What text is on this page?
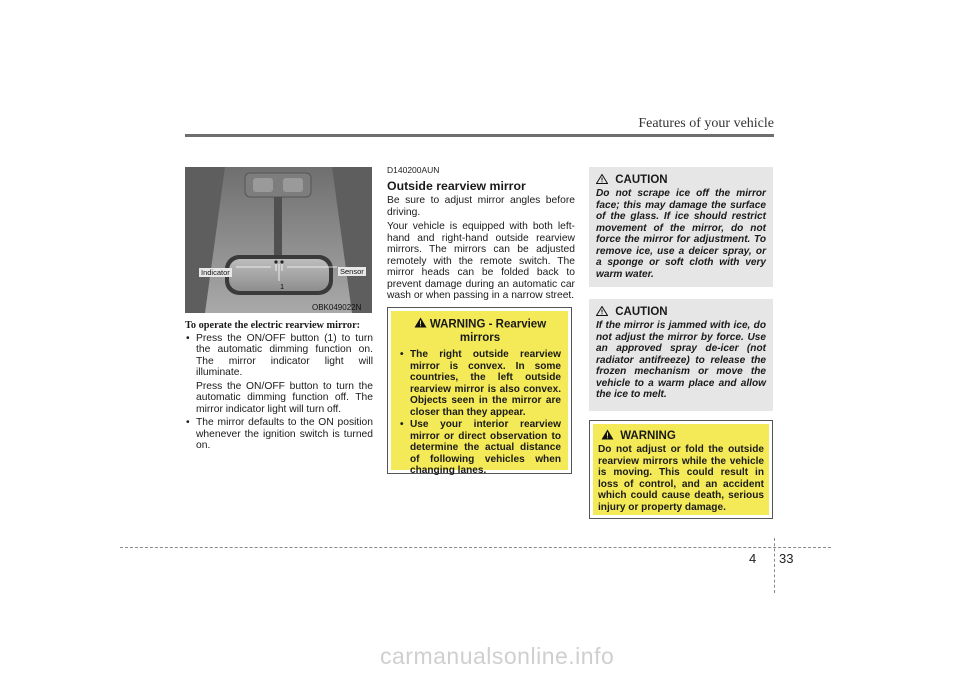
Features of your vehicle
Indicator	Sensor
1
OBK049022N
To operate the electric rearview mirror:
• Press the ON/OFF button (1) to turn the automatic dimming function on. The mirror indicator light will illuminate.
Press the ON/OFF button to turn the automatic dimming function off. The mirror indicator light will turn off.
• The mirror defaults to the ON position whenever the ignition switch is turned on.
D140200AUN
Outside rearview mirror

Be sure to adjust mirror angles before driving.

Your vehicle is equipped with both left-hand and right-hand outside rearview mirrors. The mirrors can be adjusted remotely with the remote switch. The mirror heads can be folded back to prevent damage during an automatic car wash or when passing in a narrow street.

WARNING - Rearview mirrors
• The right outside rearview mirror is convex. In some countries, the left outside rearview mirror is also convex. Objects seen in the mirror are closer than they appear.
• Use your interior rearview mirror or direct observation to determine the actual distance of following vehicles when changing lanes.
CAUTION
Do not scrape ice off the mirror face; this may damage the surface of the glass. If ice should restrict movement of the mirror, do not force the mirror for adjustment. To remove ice, use a deicer spray, or a sponge or soft cloth with very warm water.
CAUTION
If the mirror is jammed with ice, do not adjust the mirror by force. Use an approved spray de-icer (not radiator antifreeze) to release the frozen mechanism or move the vehicle to a warm place and allow the ice to melt.
WARNING
Do not adjust or fold the outside rearview mirrors while the vehicle is moving. This could result in loss of control, and an accident which could cause death, serious injury or property damage.
4 33
carmanualsonline.info
